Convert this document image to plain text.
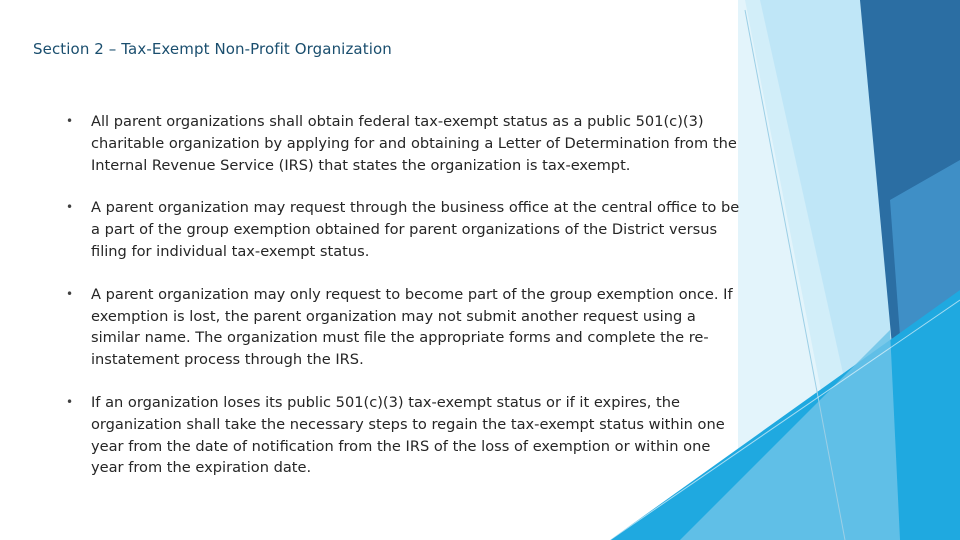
Section 2 – Tax-Exempt Non-Profit Organization
• All parent organizations shall obtain federal tax-exempt status as a public 501(c)(3) charitable organization by applying for and obtaining a Letter of Determination from the Internal Revenue Service (IRS) that states the organization is tax-exempt.
• A parent organization may request through the business office at the central office to be a part of the group exemption obtained for parent organizations of the District versus filing for individual tax-exempt status.
• A parent organization may only request to become part of the group exemption once. If exemption is lost, the parent organization may not submit another request using a similar name. The organization must file the appropriate forms and complete the re-instatement process through the IRS.
• If an organization loses its public 501(c)(3) tax-exempt status or if it expires, the organization shall take the necessary steps to regain the tax-exempt status within one year from the date of notification from the IRS of the loss of exemption or within one year from the expiration date.
